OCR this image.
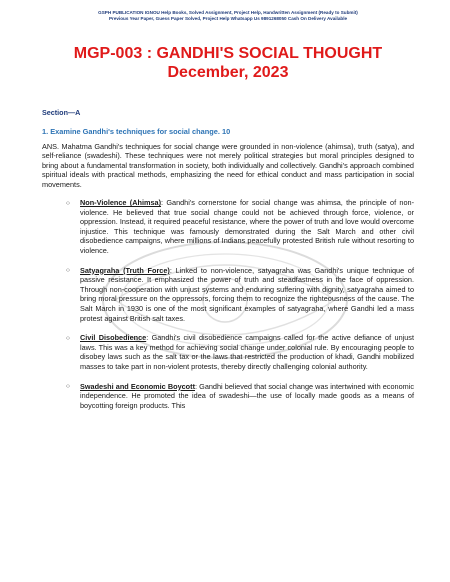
GSPH PUBLICATION IGNOU Help Books, Solved Assignment, Project Help, Handwritten Assignment (Ready to Submit)
Previous Year Paper, Guess Paper Solved, Project Help Whatsapp Us 9891268050 Cash On Delivery Available
MGP-003 : GANDHI'S SOCIAL THOUGHT
December, 2023
Section—A
1. Examine Gandhi's techniques for social change. 10
ANS. Mahatma Gandhi's techniques for social change were grounded in non-violence (ahimsa), truth (satya), and self-reliance (swadeshi). These techniques were not merely political strategies but moral principles designed to bring about a fundamental transformation in society, both individually and collectively. Gandhi's approach combined spiritual ideals with practical methods, emphasizing the need for ethical conduct and mass participation in social movements.
○ Non-Violence (Ahimsa): Gandhi's cornerstone for social change was ahimsa, the principle of non-violence. He believed that true social change could not be achieved through force, violence, or oppression. Instead, it required peaceful resistance, where the power of truth and love would overcome injustice. This technique was famously demonstrated during the Salt March and other civil disobedience campaigns, where millions of Indians peacefully protested British rule without resorting to violence.
○ Satyagraha (Truth Force): Linked to non-violence, satyagraha was Gandhi's unique technique of passive resistance. It emphasized the power of truth and steadfastness in the face of oppression. Through non-cooperation with unjust systems and enduring suffering with dignity, satyagraha aimed to bring moral pressure on the oppressors, forcing them to recognize the righteousness of the cause. The Salt March in 1930 is one of the most significant examples of satyagraha, where Gandhi led a mass protest against British salt taxes.
○ Civil Disobedience: Gandhi's civil disobedience campaigns called for the active defiance of unjust laws. This was a key method for achieving social change under colonial rule. By encouraging people to disobey laws such as the salt tax or the laws that restricted the production of khadi, Gandhi mobilized masses to take part in non-violent protests, thereby directly challenging colonial authority.
○ Swadeshi and Economic Boycott: Gandhi believed that social change was intertwined with economic independence. He promoted the idea of swadeshi—the use of locally made goods as a means of boycotting foreign products. This
